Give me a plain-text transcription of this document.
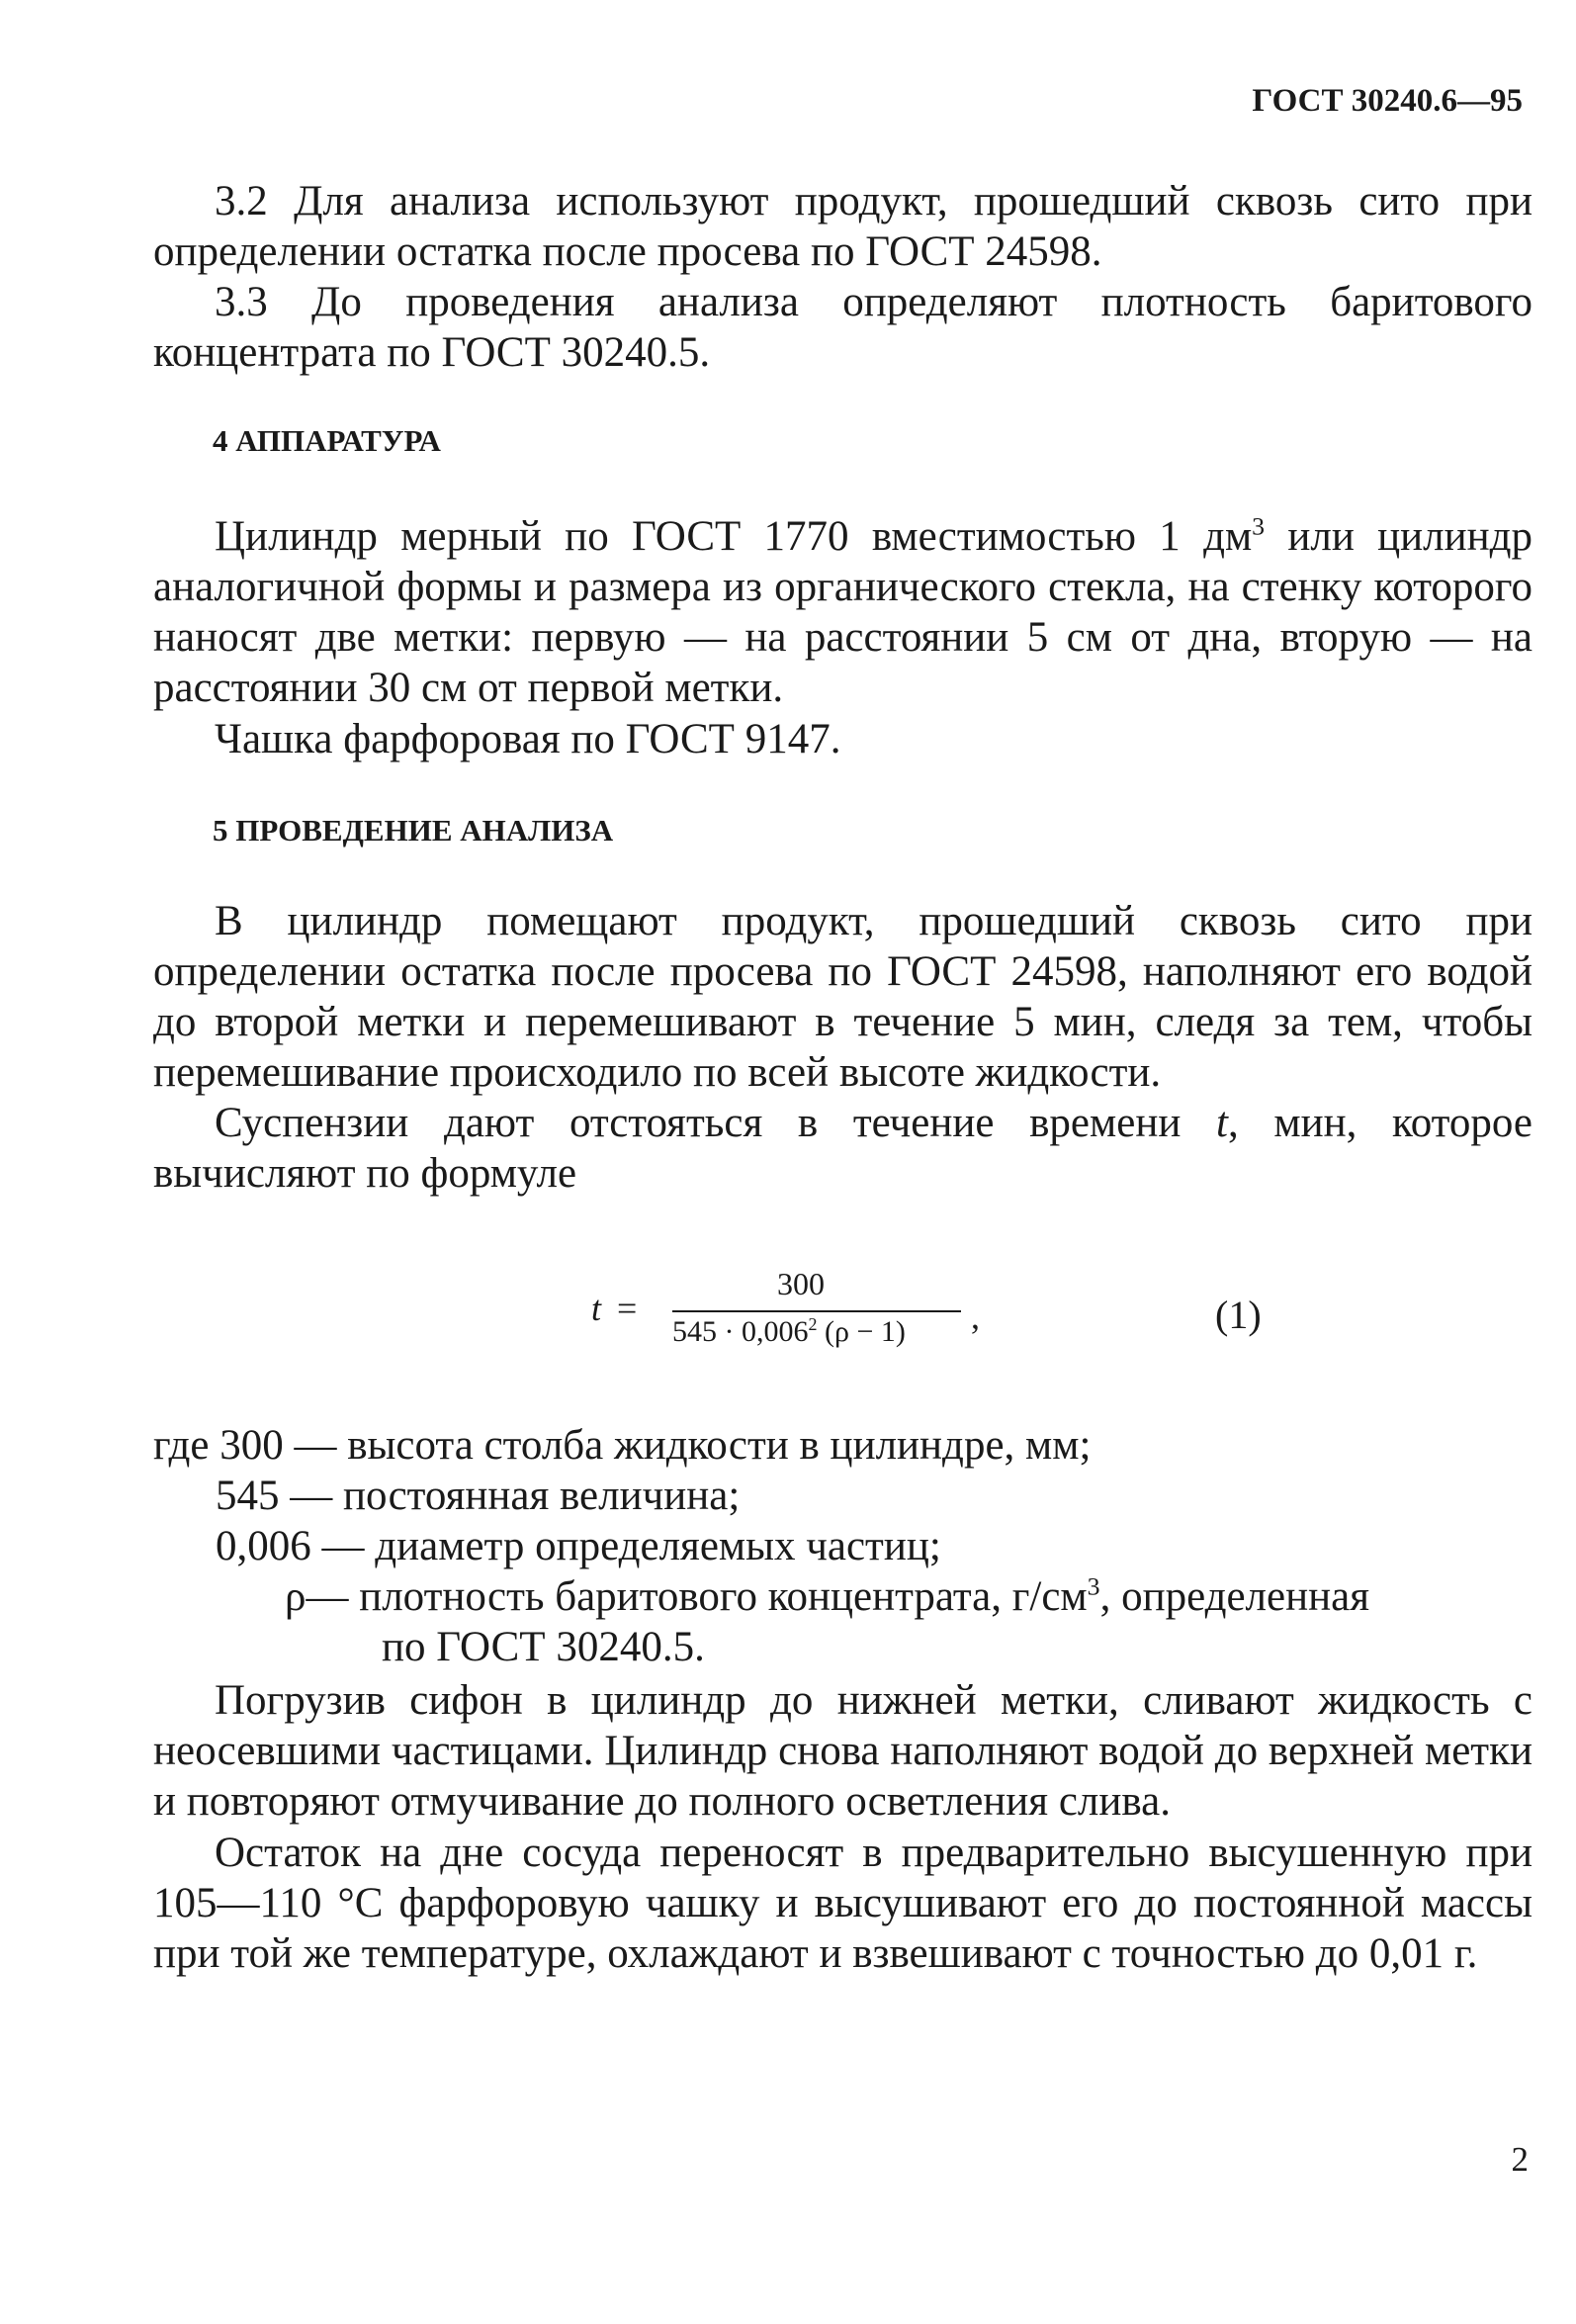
ГОСТ 30240.6—95

3.2 Для анализа используют продукт, прошедший сквозь сито при определении остатка после просева по ГОСТ 24598.

3.3 До проведения анализа определяют плотность баритового концентрата по ГОСТ 30240.5.

4 АППАРАТУРА

Цилиндр мерный по ГОСТ 1770 вместимостью 1 $дм^3$ или цилиндр аналогичной формы и размера из органического стекла, на стенку которого наносят две метки: первую — на расстоянии 5 см от дна, вторую — на расстоянии 30 см от первой метки.

Чашка фарфоровая по ГОСТ 9147.

5 ПРОВЕДЕНИЕ АНАЛИЗА

В цилиндр помещают продукт, прошедший сквозь сито при определении остатка после просева по ГОСТ 24598, наполняют его водой до второй метки и перемешивают в течение 5 мин, следя за тем, чтобы перемешивание происходило по всей высоте жидкости.

Суспензии дают отстояться в течение времени t, мин, которое вычисляют по формуле

t =
300
$545 \cdot 0,006^2$ (ρ − 1)	,	(1)
где 300 — высота столба жидкости в цилиндре, мм;
545 — постоянная величина;
0,006 — диаметр определяемых частиц;
ρ— плотность баритового концентрата, $г/см^3$, определенная
по ГОСТ 30240.5.

Погрузив сифон в цилиндр до нижней метки, сливают жидкость с неосевшими частицами. Цилиндр снова наполняют водой до верхней метки и повторяют отмучивание до полного осветления слива.

Остаток на дне сосуда переносят в предварительно высушенную при 105—110 °С фарфоровую чашку и высушивают его до постоянной массы при той же температуре, охлаждают и взвешивают с точностью до 0,01 г.

2
